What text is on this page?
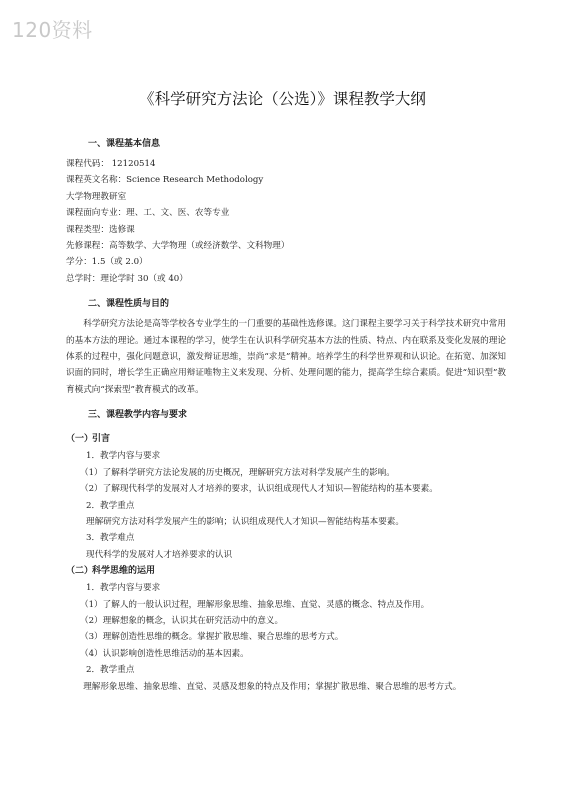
120资料
《科学研究方法论（公选）》课程教学大纲

一、课程基本信息

课程代码： 12120514

课程英文名称：Science Research Methodology

大学物理教研室

课程面向专业：理、工、文、医、农等专业

课程类型：选修课

先修课程：高等数学、大学物理（或经济数学、文科物理）

学分：1.5（或 2.0）

总学时：理论学时 30（或 40）

二、课程性质与目的

科学研究方法论是高等学校各专业学生的一门重要的基础性选修课。这门课程主要学习关于科学技术研究中常用的基本方法的理论。通过本课程的学习，使学生在认识科学研究基本方法的性质、特点、内在联系及变化发展的理论体系的过程中，强化问题意识，激发辩证思维，崇尚“求是”精神。培养学生的科学世界观和认识论。在拓宽、加深知识面的同时，增长学生正确应用辩证唯物主义来发现、分析、处理问题的能力，提高学生综合素质。促进“知识型”教育模式向“探索型”教育模式的改革。

三、课程教学内容与要求

（一）引言

1．教学内容与要求

（1）了解科学研究方法论发展的历史概况，理解研究方法对科学发展产生的影响。

（2）了解现代科学的发展对人才培养的要求，认识组成现代人才知识—智能结构的基本要素。

2．教学重点

理解研究方法对科学发展产生的影响；认识组成现代人才知识—智能结构基本要素。

3．教学难点

现代科学的发展对人才培养要求的认识

（二）科学思维的运用

1．教学内容与要求

（1）了解人的一般认识过程，理解形象思维、抽象思维、直觉、灵感的概念、特点及作用。

（2）理解想象的概念，认识其在研究活动中的意义。

（3）理解创造性思维的概念。掌握扩散思维、聚合思维的思考方式。

（4）认识影响创造性思维活动的基本因素。

2．教学重点

理解形象思维、抽象思维、直觉、灵感及想象的特点及作用；掌握扩散思维、聚合思维的思考方式。
